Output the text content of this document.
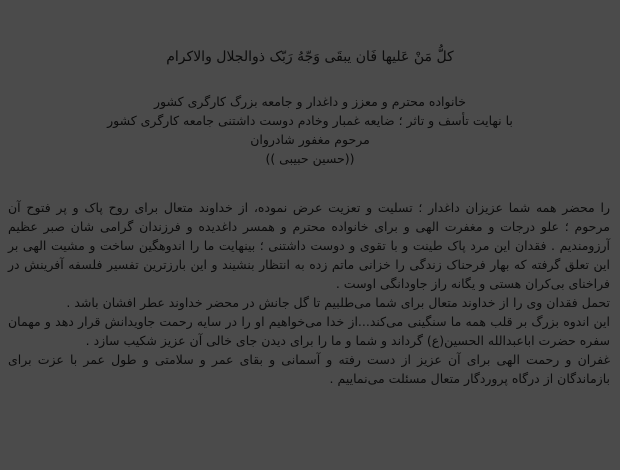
کلُّ مَنْ عَلیها فَان یبقَی وَجّهُ رَبّک ذوالجلال والاکرام

خانواده محترم و معزز و داغدار و جامعه بزرگ کارگری کشور

با نهایت تأسف و تاثر ؛ ضایعه غمبار وخادم دوست داشتنی جامعه کارگری کشور

مرحوم مغفور شادروان

((حسین حبیبی ))

را محضر همه شما عزیزان داغدار ؛ تسلیت و تعزیت عرض نموده، از خداوند متعال برای روح پاک و پر فتوح آن مرحوم ؛ علو درجات و مغفرت الهی و برای خانواده محترم و همسر داغدیده و فرزندان گرامی شان صبر عظیم آرزومندیم . فقدان این مرد پاک طینت و با تقوی و دوست داشتنی ؛ بینهایت ما را اندوهگین ساخت و مشیت الهی بر این تعلق گرفته که بهار فرحناک زندگی را خزانی ماتم زده به انتظار بنشیند و این بارزترین تفسیر فلسفه آفرینش در فراخنای بی‌کران هستی و یگانه راز جاودانگی اوست .

تحمل فقدان وی را از خداوند متعال برای شما می‌طلبیم تا گل جانش در محضر خداوند عطر افشان باشد .

این اندوه بزرگ بر قلب همه ما سنگینی می‌کند...از خدا می‌خواهیم او را در سایه رحمت جاویدانش قرار دهد و مهمان سفره حضرت اباعبدالله الحسین(ع) گرداند و شما و ما را برای دیدن جای خالی آن عزیز شکیب سازد .

غفران و رحمت الهی برای آن عزیز از دست رفته و آسمانی و بقای عمر و سلامتی و طول عمر با عزت برای بازماندگان از درگاه پروردگار متعال مسئلت می‌نماییم .
